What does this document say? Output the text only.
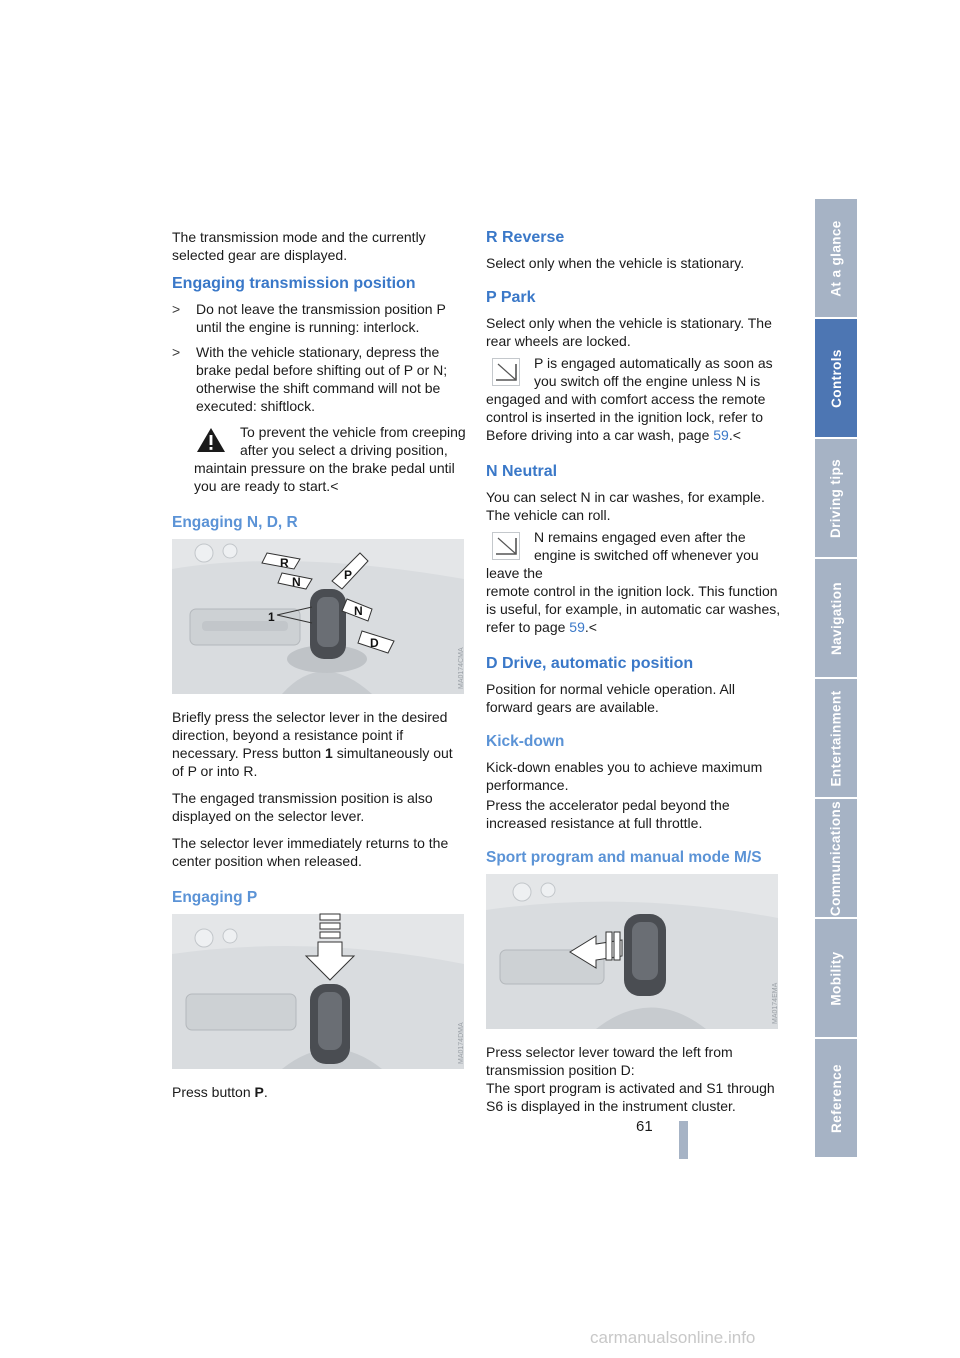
The transmission mode and the currently selected gear are displayed.

Engaging transmission position
> Do not leave the transmission position P until the engine is running: interlock.
> With the vehicle stationary, depress the brake pedal before shifting out of P or N; otherwise the shift command will not be executed: shiftlock.
To prevent the vehicle from creeping after you select a driving position,
maintain pressure on the brake pedal until you are ready to start.<
Engaging N, D, R
R
N	P
1	N
D
MA0174CMA

Briefly press the selector lever in the desired direction, beyond a resistance point if necessary. Press button 1 simultaneously out of P or into R.

The engaged transmission position is also displayed on the selector lever.

The selector lever immediately returns to the center position when released.

Engaging P
MA0174DMA

Press button P.

R Reverse

Select only when the vehicle is stationary.

P Park

Select only when the vehicle is stationary. The rear wheels are locked.

P is engaged automatically as soon as you switch off the engine unless N is
engaged and with comfort access the remote control is inserted in the ignition lock, refer to Before driving into a car wash, page 59.<
N Neutral

You can select N in car washes, for example. The vehicle can roll.

N remains engaged even after the engine is switched off whenever you leave the
remote control in the ignition lock. This function is useful, for example, in automatic car washes, refer to page 59.<
D Drive, automatic position

Position for normal vehicle operation. All forward gears are available.

Kick-down

Kick-down enables you to achieve maximum performance.

Press the accelerator pedal beyond the increased resistance at full throttle.

Sport program and manual mode M/S
MA0174EMA

Press selector lever toward the left from transmission position D:

The sport program is activated and S1 through S6 is displayed in the instrument cluster.

At a glance
Controls
Driving tips
Navigation
Entertainment
Communications
Mobility
Reference
61
carmanualsonline.info
